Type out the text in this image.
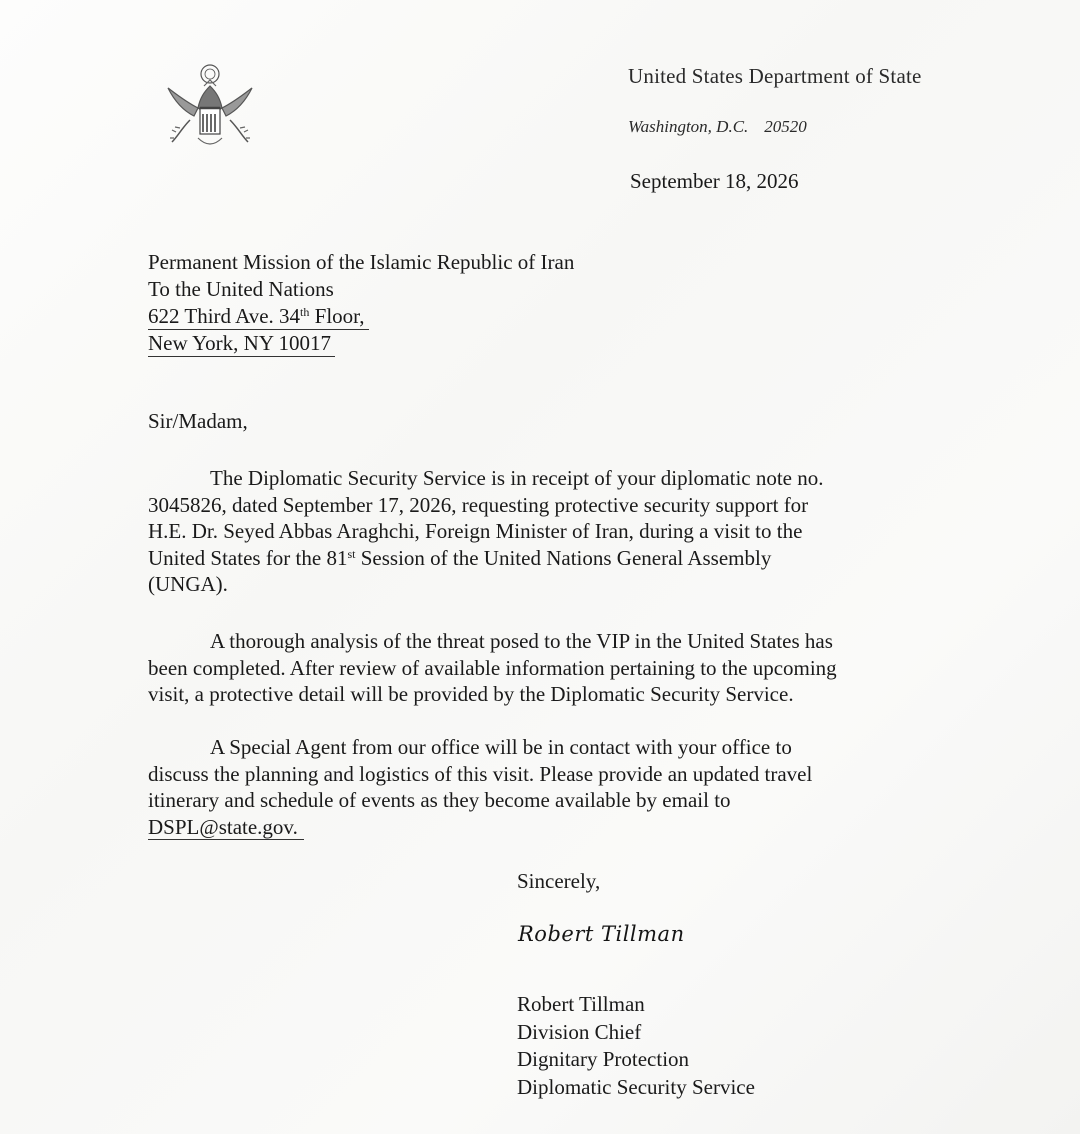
United States Department of State
Washington, D.C. 20520
September 18, 2026
Permanent Mission of the Islamic Republic of Iran
To the United Nations
622 Third Ave. 34th Floor,
New York, NY 10017
Sir/Madam,
The Diplomatic Security Service is in receipt of your diplomatic note no.
3045826, dated September 17, 2026, requesting protective security support for
H.E. Dr. Seyed Abbas Araghchi, Foreign Minister of Iran, during a visit to the
United States for the 81st Session of the United Nations General Assembly
(UNGA).
A thorough analysis of the threat posed to the VIP in the United States has
been completed. After review of available information pertaining to the upcoming
visit, a protective detail will be provided by the Diplomatic Security Service.
A Special Agent from our office will be in contact with your office to
discuss the planning and logistics of this visit. Please provide an updated travel
itinerary and schedule of events as they become available by email to
DSPL@state.gov.
Sincerely,
Robert Tillman
Robert Tillman
Division Chief
Dignitary Protection
Diplomatic Security Service
